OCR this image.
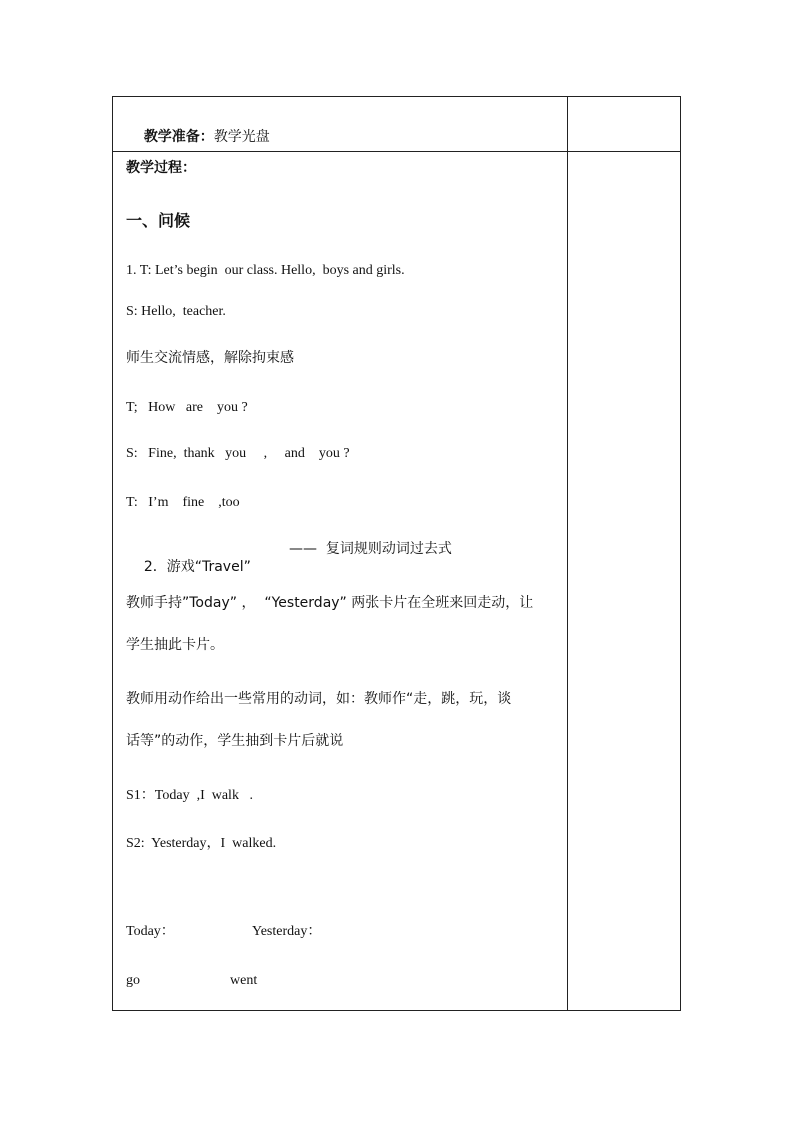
教学准备：教学光盘

教学过程：
一、问候
1. T: Let’s begin  our class. Hello,  boys and girls.
S: Hello,  teacher.
师生交流情感，解除拘束感
T;   How   are    you ?
S:   Fine,  thank   you     ,     and    you ?
T:   I’m    fine    ,too

2．游戏“Travel”

——  复词规则动词过去式
教师手持”Today” ，  “Yesterday” 两张卡片在全班来回走动，让
学生抽此卡片。
教师用动作给出一些常用的动词，如：教师作“走，跳，玩，谈
话等”的动作，学生抽到卡片后就说
S1：Today  ,I  walk   .
S2:  Yesterday，I  walked.
Today：	Yesterday：
go	went
